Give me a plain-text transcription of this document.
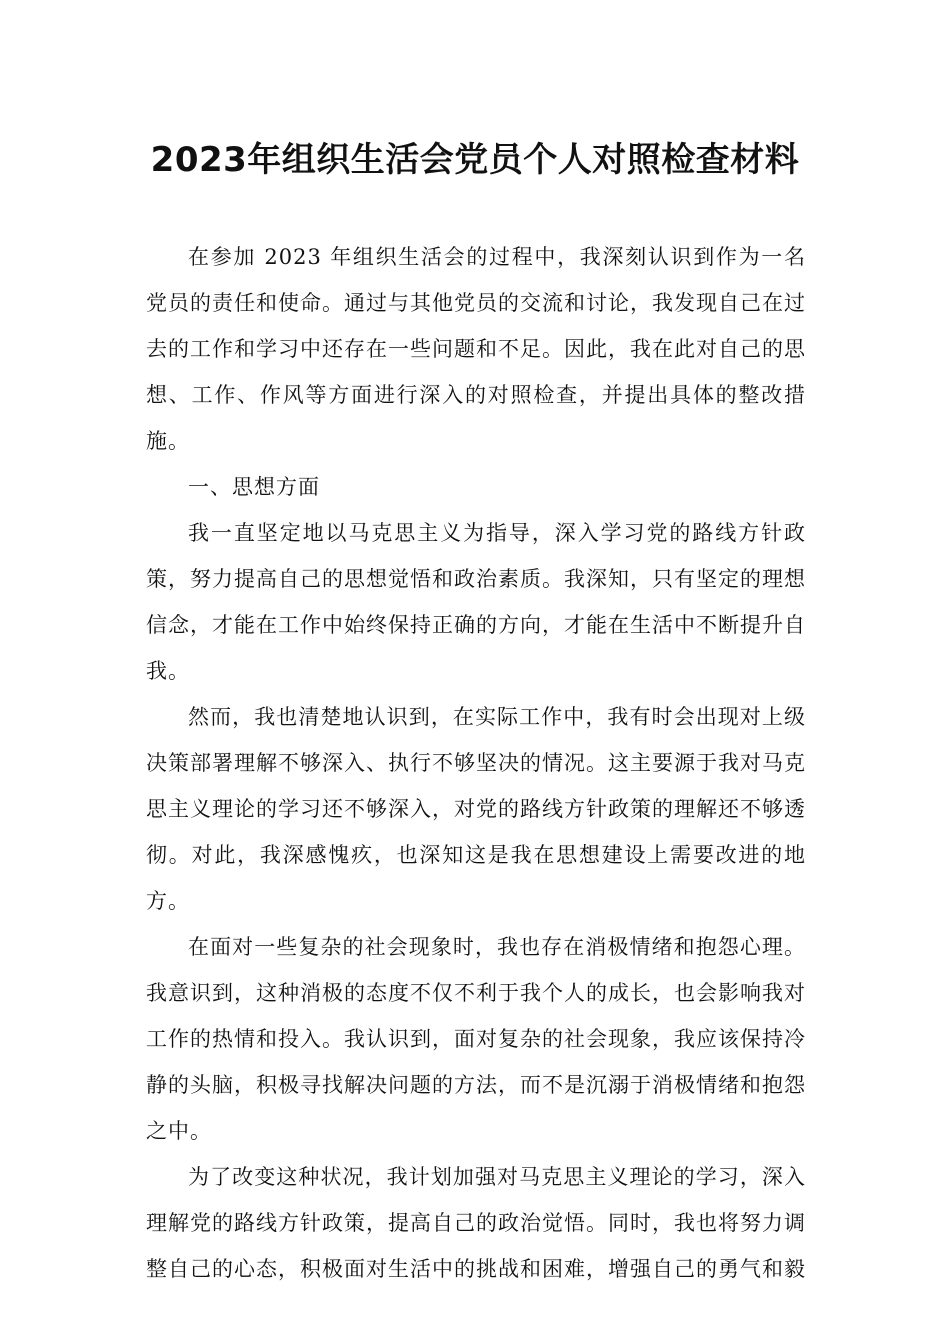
2023年组织生活会党员个人对照检查材料

在参加 2023 年组织生活会的过程中，我深刻认识到作为一名党员的责任和使命。通过与其他党员的交流和讨论，我发现自己在过去的工作和学习中还存在一些问题和不足。因此，我在此对自己的思想、工作、作风等方面进行深入的对照检查，并提出具体的整改措施。

一、思想方面

我一直坚定地以马克思主义为指导，深入学习党的路线方针政策，努力提高自己的思想觉悟和政治素质。我深知，只有坚定的理想信念，才能在工作中始终保持正确的方向，才能在生活中不断提升自我。

然而，我也清楚地认识到，在实际工作中，我有时会出现对上级决策部署理解不够深入、执行不够坚决的情况。这主要源于我对马克思主义理论的学习还不够深入，对党的路线方针政策的理解还不够透彻。对此，我深感愧疚，也深知这是我在思想建设上需要改进的地方。

在面对一些复杂的社会现象时，我也存在消极情绪和抱怨心理。我意识到，这种消极的态度不仅不利于我个人的成长，也会影响我对工作的热情和投入。我认识到，面对复杂的社会现象，我应该保持冷静的头脑，积极寻找解决问题的方法，而不是沉溺于消极情绪和抱怨之中。

为了改变这种状况，我计划加强对马克思主义理论的学习，深入理解党的路线方针政策，提高自己的政治觉悟。同时，我也将努力调整自己的心态，积极面对生活中的挑战和困难，增强自己的勇气和毅
